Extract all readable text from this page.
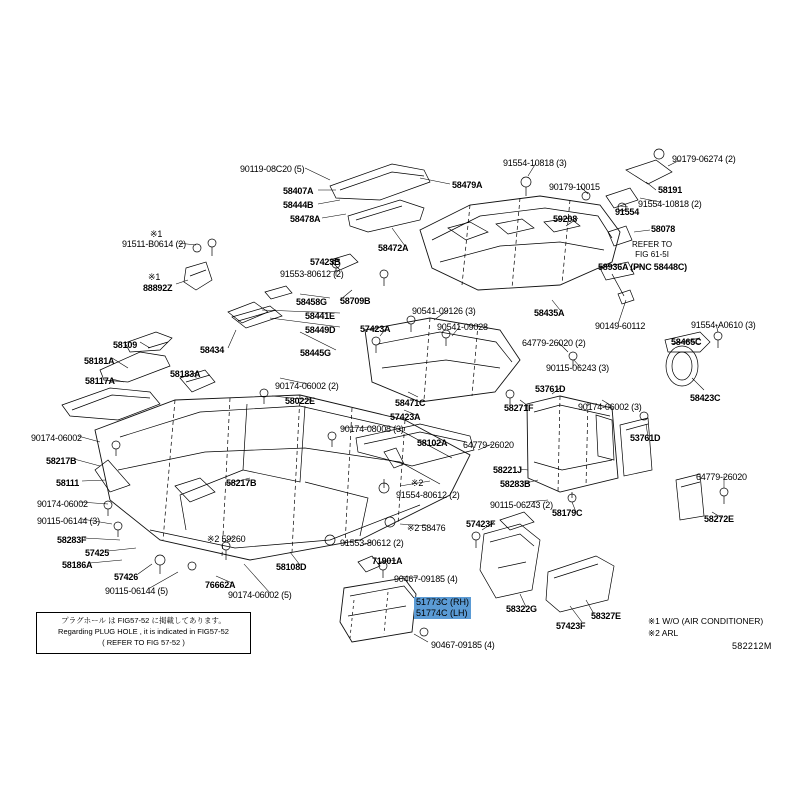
51773C (RH)
51774C (LH)
REFER TO
FIG 61-5I
プラグホール は FIG57-52 に掲載してあります。
Regarding PLUG HOLE , it is indicated in FIG57-52
( REFER TO FIG 57-52 )
※1 W/O (AIR CONDITIONER)
※2 ARL
582212M
90119-08C20 (5)
58407A
58444B
58478A
58479A
58472A
91511-B0614 (2)
※1
※1
88892Z
57423B
91553-80612 (2)
58458G 58709B
58441E
58449D
58445G
57423A
90541-09126 (3)
90541-09028
58434
58109
58181A
58183A
58117A	90174-06002 (2)
58022E
90174-08008 (3)
90174-06002
58217B
58111
90174-06002
90115-06144 (3)
58283F
57425
58186A
90115-06144 (5)
57426
76662A
58108D
58217B
90174-06002 (5)
※2 59260
※2
91554-80612 (2)
※2 58476
91553-80612 (2)
71901A
90467-09185 (4)
90467-09185 (4)
58471C
57423A
58102A 64779-26020
57423F
58322G
57423F
58327E
91554-10818 (3)
90179-10015
90179-06274 (2)
58191
91554-10818 (2)
59208
58078
91554
58936A (PNC 58448C)
58435A
90149-60112	91554-A0610 (3)
58465C
58423C
64779-26020 (2)
90115-06243 (3)
53761D
58271F	90174-06002 (3)
53761D
58221J
58283B
90115-06243 (2)
58179C
64779-26020
58272E
